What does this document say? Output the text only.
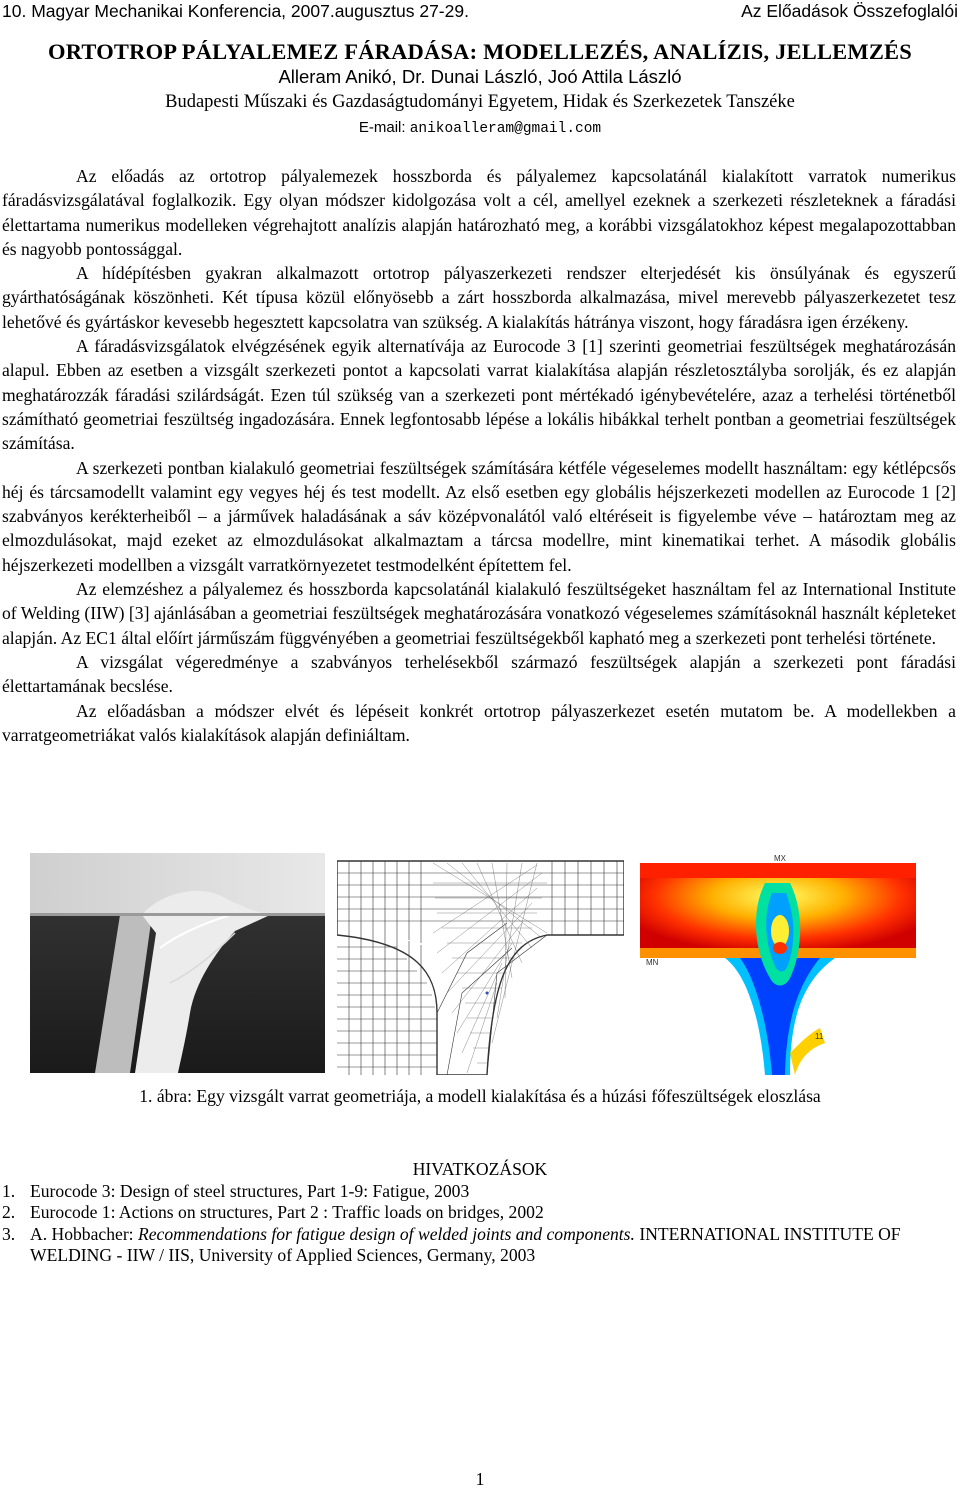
10. Magyar Mechanikai Konferencia, 2007.augusztus 27-29.	Az Előadások Összefoglalói
ORTOTROP PÁLYALEMEZ FÁRADÁSA: MODELLEZÉS, ANALÍZIS, JELLEMZÉS
Alleram Anikó, Dr. Dunai László, Joó Attila László
Budapesti Műszaki és Gazdaságtudományi Egyetem, Hidak és Szerkezetek Tanszéke
E-mail: anikoalleram@gmail.com

Az előadás az ortotrop pályalemezek hosszborda és pályalemez kapcsolatánál kialakított varratok numerikus fáradásvizsgálatával foglalkozik. Egy olyan módszer kidolgozása volt a cél, amellyel ezeknek a szerkezeti részleteknek a fáradási élettartama numerikus modelleken végrehajtott analízis alapján határozható meg, a korábbi vizsgálatokhoz képest megalapozottabban és nagyobb pontossággal.

A hídépítésben gyakran alkalmazott ortotrop pályaszerkezeti rendszer elterjedését kis önsúlyának és egyszerű gyárthatóságának köszönheti. Két típusa közül előnyösebb a zárt hosszborda alkalmazása, mivel merevebb pályaszerkezetet tesz lehetővé és gyártáskor kevesebb hegesztett kapcsolatra van szükség. A kialakítás hátránya viszont, hogy fáradásra igen érzékeny.

A fáradásvizsgálatok elvégzésének egyik alternatívája az Eurocode 3 [1] szerinti geometriai feszültségek meghatározásán alapul. Ebben az esetben a vizsgált szerkezeti pontot a kapcsolati varrat kialakítása alapján részletosztályba sorolják, és ez alapján meghatározzák fáradási szilárdságát. Ezen túl szükség van a szerkezeti pont mértékadó igénybevételére, azaz a terhelési történetből számítható geometriai feszültség ingadozására. Ennek legfontosabb lépése a lokális hibákkal terhelt pontban a geometriai feszültségek számítása.

A szerkezeti pontban kialakuló geometriai feszültségek számítására kétféle végeselemes modellt használtam: egy kétlépcsős héj és tárcsamodellt valamint egy vegyes héj és test modellt. Az első esetben egy globális héjszerkezeti modellen az Eurocode 1 [2] szabványos kerékterheiből – a járművek haladásának a sáv középvonalától való eltéréseit is figyelembe véve – határoztam meg az elmozdulásokat, majd ezeket az elmozdulásokat alkalmaztam a tárcsa modellre, mint kinematikai terhet. A második globális héjszerkezeti modellben a vizsgált varratkörnyezetet testmodelként építettem fel.

Az elemzéshez a pályalemez és hosszborda kapcsolatánál kialakuló feszültségeket használtam fel az International Institute of Welding (IIW) [3] ajánlásában a geometriai feszültségek meghatározására vonatkozó végeselemes számításoknál használt képleteket alapján. Az EC1 által előírt járműszám függvényében a geometriai feszültségekből kapható meg a szerkezeti pont terhelési története.

A vizsgálat végeredménye a szabványos terhelésekből származó feszültségek alapján a szerkezeti pont fáradási élettartamának becslése.

Az előadásban a módszer elvét és lépéseit konkrét ortotrop pályaszerkezet esetén mutatom be. A modellekben a varratgeometriákat valós kialakítások alapján definiáltam.

MX
MN
11
1. ábra: Egy vizsgált varrat geometriája, a modell kialakítása és a húzási főfeszültségek eloszlása
HIVATKOZÁSOK
1. Eurocode 3: Design of steel structures, Part 1-9: Fatigue, 2003
2. Eurocode 1: Actions on structures, Part 2 : Traffic loads on bridges, 2002
3. A. Hobbacher: Recommendations for fatigue design of welded joints and components. INTERNATIONAL INSTITUTE OF WELDING - IIW / IIS, University of Applied Sciences, Germany, 2003
1
